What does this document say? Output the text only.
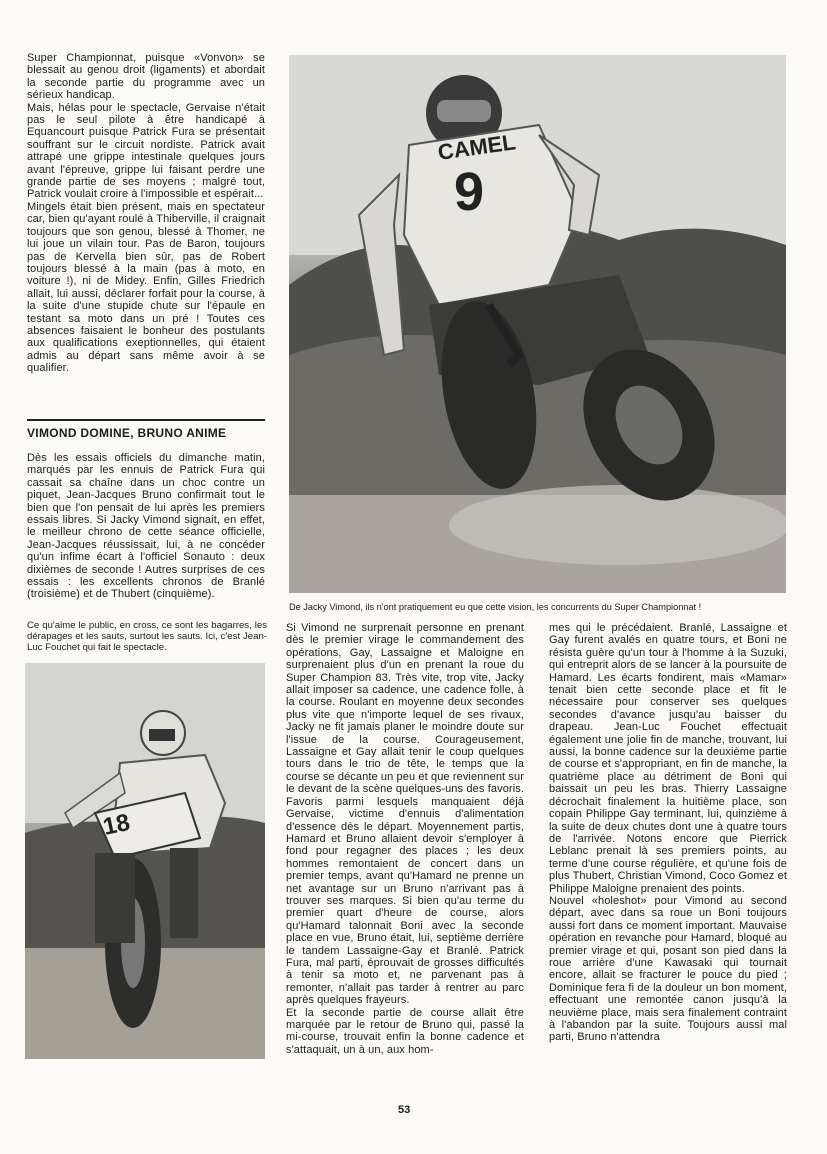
Super Championnat, puisque «Vonvon» se blessait au genou droit (ligaments) et abordait la seconde partie du programme avec un sérieux handicap.

Mais, hélas pour le spectacle, Gervaise n'était pas le seul pilote à être handicapé à Equancourt puisque Patrick Fura se présentait souffrant sur le circuit nordiste. Patrick avait attrapé une grippe intestinale quelques jours avant l'épreuve, grippe lui faisant perdre une grande partie de ses moyens ; malgré tout, Patrick voulait croire à l'impossible et espérait...

Mingels était bien présent, mais en spectateur car, bien qu'ayant roulé à Thiberville, il craignait toujours que son genou, blessé à Thomer, ne lui joue un vilain tour. Pas de Baron, toujours pas de Kervella bien sûr, pas de Robert toujours blessé à la main (pas à moto, en voiture !), ni de Midey. Enfin, Gilles Friedrich allait, lui aussi, déclarer forfait pour la course, à la suite d'une stupide chute sur l'épaule en testant sa moto dans un pré ! Toutes ces absences faisaient le bonheur des postulants aux qualifications exeptionnelles, qui étaient admis au départ sans même avoir à se qualifier.

VIMOND DOMINE, BRUNO ANIME

Dès les essais officiels du dimanche matin, marqués par les ennuis de Patrick Fura qui cassait sa chaîne dans un choc contre un piquet, Jean-Jacques Bruno confirmait tout le bien que l'on pensait de lui après les premiers essais libres. Si Jacky Vimond signait, en effet, le meilleur chrono de cette séance officielle, Jean-Jacques réussissait, lui, à ne concéder qu'un infime écart à l'officiel Sonauto : deux dixièmes de seconde ! Autres surprises de ces essais : les excellents chronos de Branlé (troisième) et de Thubert (cinquième).

9
CAMEL
De Jacky Vimond, ils n'ont pratiquement eu que cette vision, les concurrents du Super Championnat !
Ce qu'aime le public, en cross, ce sont les bagarres, les dérapages et les sauts, surtout les sauts. Ici, c'est Jean-Luc Fouchet qui fait le spectacle.
18

Si Vimond ne surprenait personne en prenant dès le premier virage le commandement des opérations, Gay, Lassaigne et Maloigne en surprenaient plus d'un en prenant la roue du Super Champion 83. Très vite, trop vite, Jacky allait imposer sa cadence, une cadence folle, à la course. Roulant en moyenne deux secondes plus vite que n'importe lequel de ses rivaux, Jacky ne fit jamais planer le moindre doute sur l'issue de la course. Courageusement, Lassaigne et Gay allait tenir le coup quelques tours dans le trio de tête, le temps que la course se décante un peu et que reviennent sur le devant de la scène quelques-uns des favoris. Favoris parmi lesquels manquaient déjà Gervaise, victime d'ennuis d'alimentation d'essence dès le départ. Moyennement partis, Hamard et Bruno allaient devoir s'employer à fond pour regagner des places ; les deux hommes remontaient de concert dans un premier temps, avant qu'Hamard ne prenne un net avantage sur un Bruno n'arrivant pas à trouver ses marques. Si bien qu'au terme du premier quart d'heure de course, alors qu'Hamard talonnait Boni avec la seconde place en vue, Bruno était, lui, septième derrière le tandem Lassaigne-Gay et Branlé. Patrick Fura, mal parti, éprouvait de grosses difficultés à tenir sa moto et, ne parvenant pas à remonter, n'allait pas tarder à rentrer au parc après quelques frayeurs.

Et la seconde partie de course allait être marquée par le retour de Bruno qui, passé la mi-course, trouvait enfin la bonne cadence et s'attaquait, un à un, aux hom-

mes qui le précédaient. Branlé, Lassaigne et Gay furent avalés en quatre tours, et Boni ne résista guère qu'un tour à l'homme à la Suzuki, qui entreprit alors de se lancer à la poursuite de Hamard. Les écarts fondirent, mais «Mamar» tenait bien cette seconde place et fit le nécessaire pour conserver ses quelques secondes d'avance jusqu'au baisser du drapeau. Jean-Luc Fouchet effectuait également une jolie fin de manche, trouvant, lui aussi, la bonne cadence sur la deuxième partie de course et s'appropriant, en fin de manche, la quatrième place au détriment de Boni qui baissait un peu les bras. Thierry Lassaigne décrochait finalement la huitième place, son copain Philippe Gay terminant, lui, quinzième à la suite de deux chutes dont une à quatre tours de l'arrivée. Notons encore que Pierrick Leblanc prenait là ses premiers points, au terme d'une course régulière, et qu'une fois de plus Thubert, Christian Vimond, Coco Gomez et Philippe Maloigne prenaient des points.

Nouvel «holeshot» pour Vimond au second départ, avec dans sa roue un Boni toujours aussi fort dans ce moment important. Mauvaise opération en revanche pour Hamard, bloqué au premier virage et qui, posant son pied dans la roue arrière d'une Kawasaki qui tournait encore, allait se fracturer le pouce du pied ; Dominique fera fi de la douleur un bon moment, effectuant une remontée canon jusqu'à la neuvième place, mais sera finalement contraint à l'abandon par la suite. Toujours aussi mal parti, Bruno n'attendra

53
